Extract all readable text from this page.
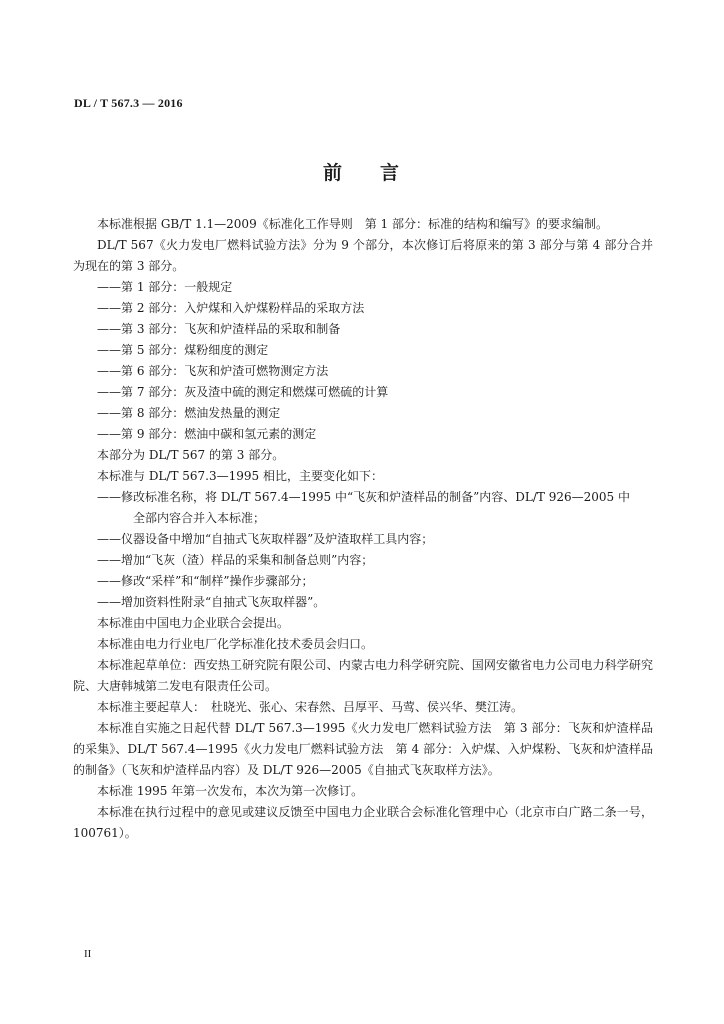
DL / T 567.3 — 2016
前 言

本标准根据 GB/T 1.1—2009《标准化工作导则　第 1 部分：标准的结构和编写》的要求编制。

DL/T 567《火力发电厂燃料试验方法》分为 9 个部分，本次修订后将原来的第 3 部分与第 4 部分合并为现在的第 3 部分。

——第 1 部分：一般规定

——第 2 部分：入炉煤和入炉煤粉样品的采取方法

——第 3 部分：飞灰和炉渣样品的采取和制备

——第 5 部分：煤粉细度的测定

——第 6 部分：飞灰和炉渣可燃物测定方法

——第 7 部分：灰及渣中硫的测定和燃煤可燃硫的计算

——第 8 部分：燃油发热量的测定

——第 9 部分：燃油中碳和氢元素的测定

本部分为 DL/T 567 的第 3 部分。

本标准与 DL/T 567.3—1995 相比，主要变化如下：

——修改标准名称，将 DL/T 567.4—1995 中“飞灰和炉渣样品的制备”内容、DL/T 926—2005 中
全部内容合并入本标准；

——仪器设备中增加“自抽式飞灰取样器”及炉渣取样工具内容；

——增加“飞灰（渣）样品的采集和制备总则”内容；

——修改“采样”和“制样”操作步骤部分；

——增加资料性附录“自抽式飞灰取样器”。

本标准由中国电力企业联合会提出。

本标准由电力行业电厂化学标准化技术委员会归口。

本标准起草单位：西安热工研究院有限公司、内蒙古电力科学研究院、国网安徽省电力公司电力科学研究院、大唐韩城第二发电有限责任公司。

本标准主要起草人：　杜晓光、张心、宋春然、吕厚平、马莺、侯兴华、樊江涛。

本标准自实施之日起代替 DL/T 567.3—1995《火力发电厂燃料试验方法　第 3 部分：飞灰和炉渣样品的采集》、DL/T 567.4—1995《火力发电厂燃料试验方法　第 4 部分：入炉煤、入炉煤粉、飞灰和炉渣样品的制备》（飞灰和炉渣样品内容）及 DL/T 926—2005《自抽式飞灰取样方法》。

本标准 1995 年第一次发布，本次为第一次修订。

本标准在执行过程中的意见或建议反馈至中国电力企业联合会标准化管理中心（北京市白广路二条一号，100761）。

II
